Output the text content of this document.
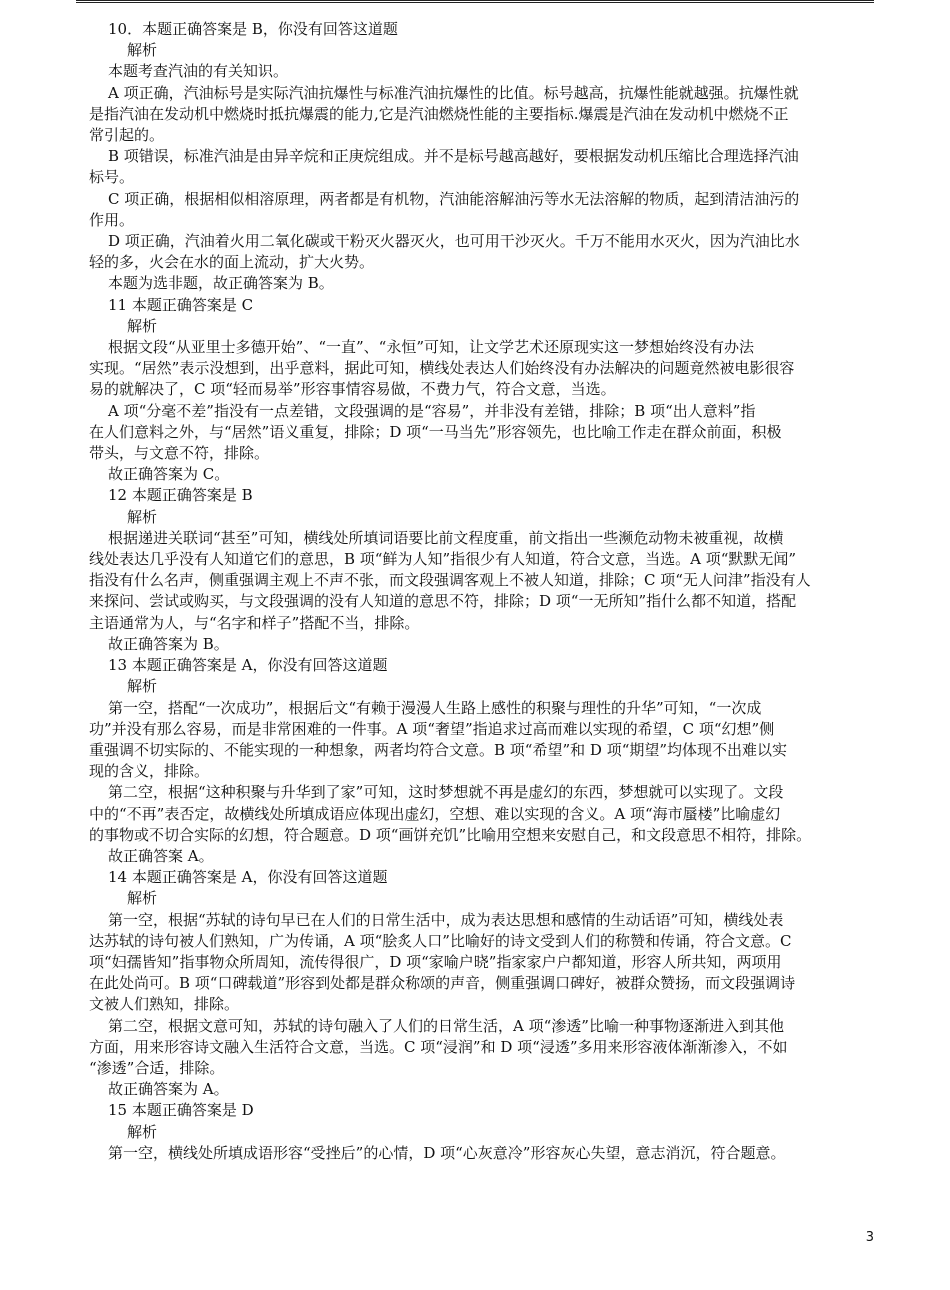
10．本题正确答案是 B，你没有回答这道题
解析
本题考查汽油的有关知识。
A 项正确，汽油标号是实际汽油抗爆性与标准汽油抗爆性的比值。标号越高，抗爆性能就越强。抗爆性就
是指汽油在发动机中燃烧时抵抗爆震的能力,它是汽油燃烧性能的主要指标.爆震是汽油在发动机中燃烧不正
常引起的。
B 项错误，标准汽油是由异辛烷和正庚烷组成。并不是标号越高越好，要根据发动机压缩比合理选择汽油
标号。
C 项正确，根据相似相溶原理，两者都是有机物，汽油能溶解油污等水无法溶解的物质，起到清洁油污的
作用。
D 项正确，汽油着火用二氧化碳或干粉灭火器灭火，也可用干沙灭火。千万不能用水灭火，因为汽油比水
轻的多，火会在水的面上流动，扩大火势。
本题为选非题，故正确答案为 B。
11 本题正确答案是 C
解析
根据文段“从亚里士多德开始”、“一直”、“永恒”可知，让文学艺术还原现实这一梦想始终没有办法
实现。“居然”表示没想到，出乎意料，据此可知，横线处表达人们始终没有办法解决的问题竟然被电影很容
易的就解决了，C 项“轻而易举”形容事情容易做，不费力气，符合文意，当选。
A 项“分毫不差”指没有一点差错，文段强调的是“容易”，并非没有差错，排除；B 项“出人意料”指
在人们意料之外，与“居然”语义重复，排除；D 项“一马当先”形容领先，也比喻工作走在群众前面，积极
带头，与文意不符，排除。
故正确答案为 C。
12 本题正确答案是 B
解析
根据递进关联词“甚至”可知，横线处所填词语要比前文程度重，前文指出一些濒危动物未被重视，故横
线处表达几乎没有人知道它们的意思，B 项“鲜为人知”指很少有人知道，符合文意，当选。A 项“默默无闻”
指没有什么名声，侧重强调主观上不声不张，而文段强调客观上不被人知道，排除；C 项“无人问津”指没有人
来探问、尝试或购买，与文段强调的没有人知道的意思不符，排除；D 项“一无所知”指什么都不知道，搭配
主语通常为人，与“名字和样子”搭配不当，排除。
故正确答案为 B。
13 本题正确答案是 A，你没有回答这道题
解析
第一空，搭配“一次成功”，根据后文“有赖于漫漫人生路上感性的积聚与理性的升华”可知，“一次成
功”并没有那么容易，而是非常困难的一件事。A 项“奢望”指追求过高而难以实现的希望，C 项“幻想”侧
重强调不切实际的、不能实现的一种想象，两者均符合文意。B 项“希望”和 D 项“期望”均体现不出难以实
现的含义，排除。
第二空，根据“这种积聚与升华到了家”可知，这时梦想就不再是虚幻的东西，梦想就可以实现了。文段
中的“不再”表否定，故横线处所填成语应体现出虚幻，空想、难以实现的含义。A 项“海市蜃楼”比喻虚幻
的事物或不切合实际的幻想，符合题意。D 项“画饼充饥”比喻用空想来安慰自己，和文段意思不相符，排除。
故正确答案 A。
14 本题正确答案是 A，你没有回答这道题
解析
第一空，根据“苏轼的诗句早已在人们的日常生活中，成为表达思想和感情的生动话语”可知，横线处表
达苏轼的诗句被人们熟知，广为传诵，A 项“脍炙人口”比喻好的诗文受到人们的称赞和传诵，符合文意。C
项“妇孺皆知”指事物众所周知，流传得很广，D 项“家喻户晓”指家家户户都知道，形容人所共知，两项用
在此处尚可。B 项“口碑载道”形容到处都是群众称颂的声音，侧重强调口碑好，被群众赞扬，而文段强调诗
文被人们熟知，排除。
第二空，根据文意可知，苏轼的诗句融入了人们的日常生活，A 项“渗透”比喻一种事物逐渐进入到其他
方面，用来形容诗文融入生活符合文意，当选。C 项“浸润”和 D 项“浸透”多用来形容液体渐渐渗入，不如
“渗透”合适，排除。
故正确答案为 A。
15 本题正确答案是 D
解析
第一空，横线处所填成语形容“受挫后”的心情，D 项“心灰意冷”形容灰心失望，意志消沉，符合题意。
3
